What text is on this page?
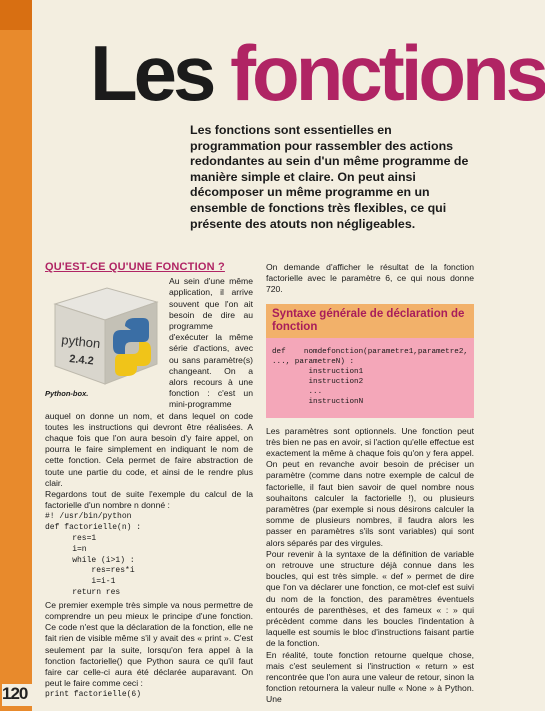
120
Les fonctions
Les fonctions sont essentielles en programmation pour rassembler des actions redondantes au sein d'un même programme de manière simple et claire. On peut ainsi décomposer un même programme en un ensemble de fonctions très flexibles, ce qui présente des atouts non négligeables.
QU'EST-CE QU'UNE FONCTION ?
python
2.4.2
Python-box.

Au sein d'une même application, il arrive souvent que l'on ait besoin de dire au programme d'exécuter la même série d'actions, avec ou sans paramètre(s) changeant. On a alors recours à une fonction : c'est un mini-programme auquel on donne un nom, et dans lequel on code toutes les instructions qui devront être réalisées. A chaque fois que l'on aura besoin d'y faire appel, on pourra le faire simplement en indiquant le nom de cette fonction. Cela permet de faire abstraction de toute une partie du code, et ainsi de le rendre plus clair.

Regardons tout de suite l'exemple du calcul de la factorielle d'un nombre n donné :

#! /usr/bin/python
def factorielle(n) :
res=1
i=n
while (i>1) :
res=res*i
i=i-1
return res

Ce premier exemple très simple va nous permettre de comprendre un peu mieux le principe d'une fonction. Ce code n'est que la déclaration de la fonction, elle ne fait rien de visible même s'il y avait des « print ». C'est seulement par la suite, lorsqu'on fera appel à la fonction factorielle() que Python saura ce qu'il faut faire car celle-ci aura été déclarée auparavant. On peut le faire comme ceci :

print factorielle(6)

On demande d'afficher le résultat de la fonction factorielle avec le paramètre 6, ce qui nous donne 720.

Syntaxe générale de déclaration de fonction
def    nomdefonction(parametre1,parametre2,
..., parametreN) :
instruction1
instruction2
...
instructionN

Les paramètres sont optionnels. Une fonction peut très bien ne pas en avoir, si l'action qu'elle effectue est exactement la même à chaque fois qu'on y fera appel. On peut en revanche avoir besoin de préciser un paramètre (comme dans notre exemple de calcul de factorielle, il faut bien savoir de quel nombre nous souhaitons calculer la factorielle !), ou plusieurs paramètres (par exemple si nous désirons calculer la somme de plusieurs nombres, il faudra alors les passer en paramètres s'ils sont variables) qui sont alors séparés par des virgules.

Pour revenir à la syntaxe de la définition de variable on retrouve une structure déjà connue dans les boucles, qui est très simple. « def » permet de dire que l'on va déclarer une fonction, ce mot-clef est suivi du nom de la fonction, des paramètres éventuels entourés de parenthèses, et des fameux « : » qui précèdent comme dans les boucles l'indentation à laquelle est soumis le bloc d'instructions faisant partie de la fonction.

En réalité, toute fonction retourne quelque chose, mais c'est seulement si l'instruction « return » est rencontrée que l'on aura une valeur de retour, sinon la fonction retournera la valeur nulle « None » à Python. Une
